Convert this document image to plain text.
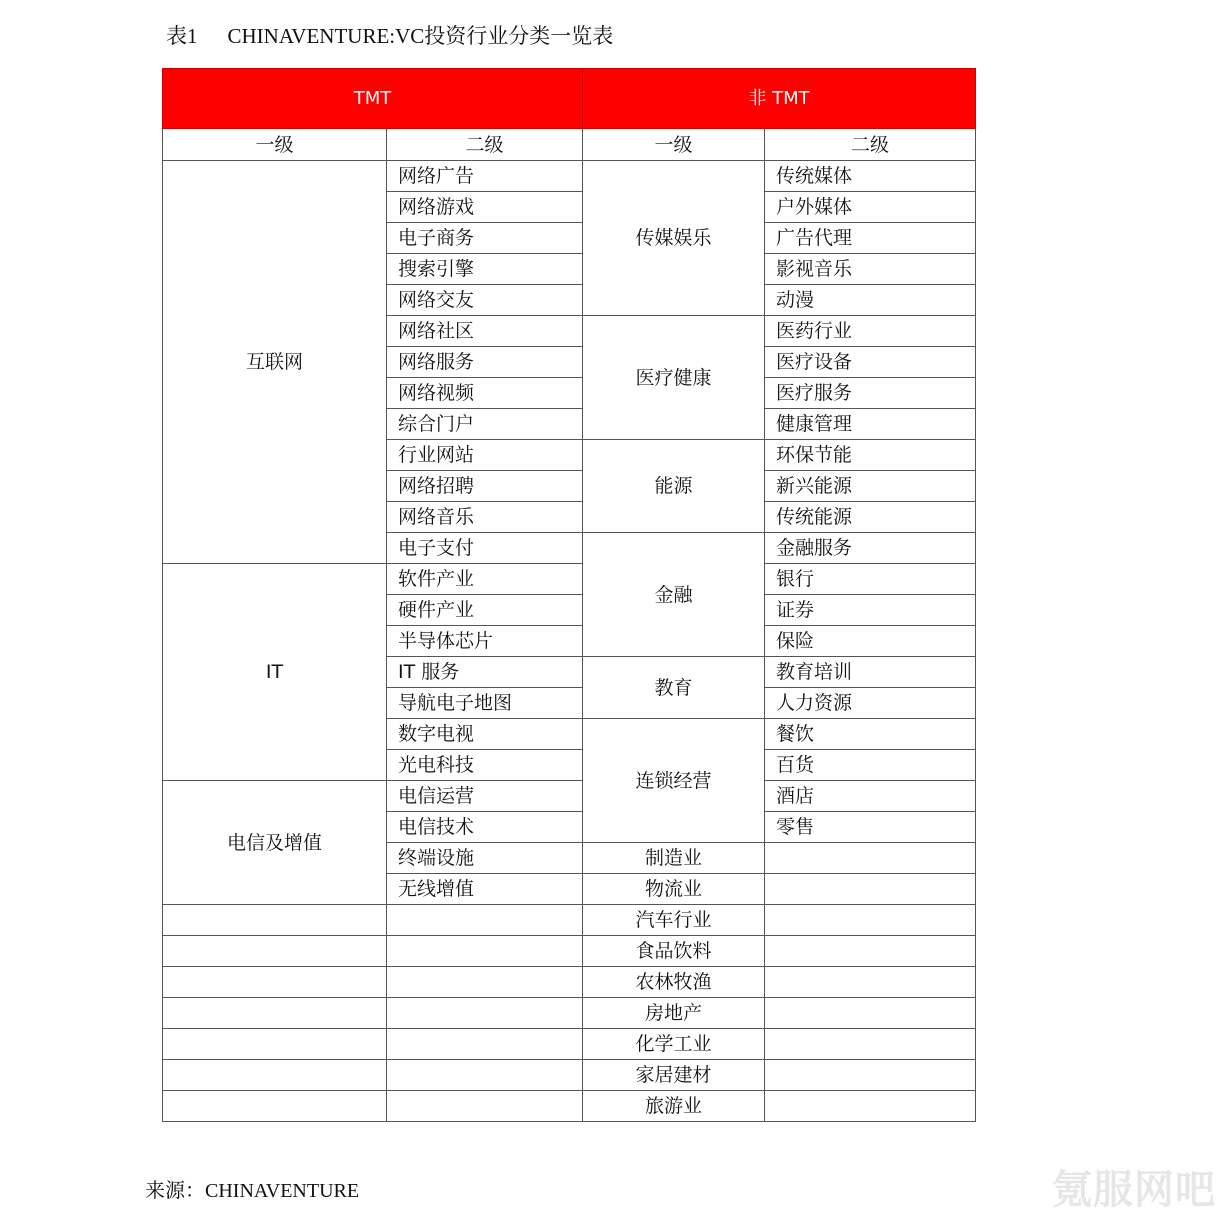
表1 CHINAVENTURE:VC投资行业分类一览表
TMT		非 TMT	
一级	二级	一级	二级
互联网	网络广告	传媒娱乐	传统媒体
	网络游戏		户外媒体
	电子商务		广告代理
	搜索引擎		影视音乐
	网络交友		动漫
	网络社区	医疗健康	医药行业
	网络服务		医疗设备
	网络视频		医疗服务
	综合门户		健康管理
	行业网站	能源	环保节能
	网络招聘		新兴能源
	网络音乐		传统能源
	电子支付	金融	金融服务
IT	软件产业		银行
	硬件产业		证券
	半导体芯片		保险
	IT 服务	教育	教育培训
	导航电子地图		人力资源
	数字电视	连锁经营	餐饮
	光电科技		百货
电信及增值	电信运营		酒店
	电信技术		零售
	终端设施	制造业	
	无线增值	物流业	
		汽车行业	
		食品饮料	
		农林牧渔	
		房地产	
		化学工业	
		家居建材	
		旅游业	
来源：CHINAVENTURE	氪服网吧
